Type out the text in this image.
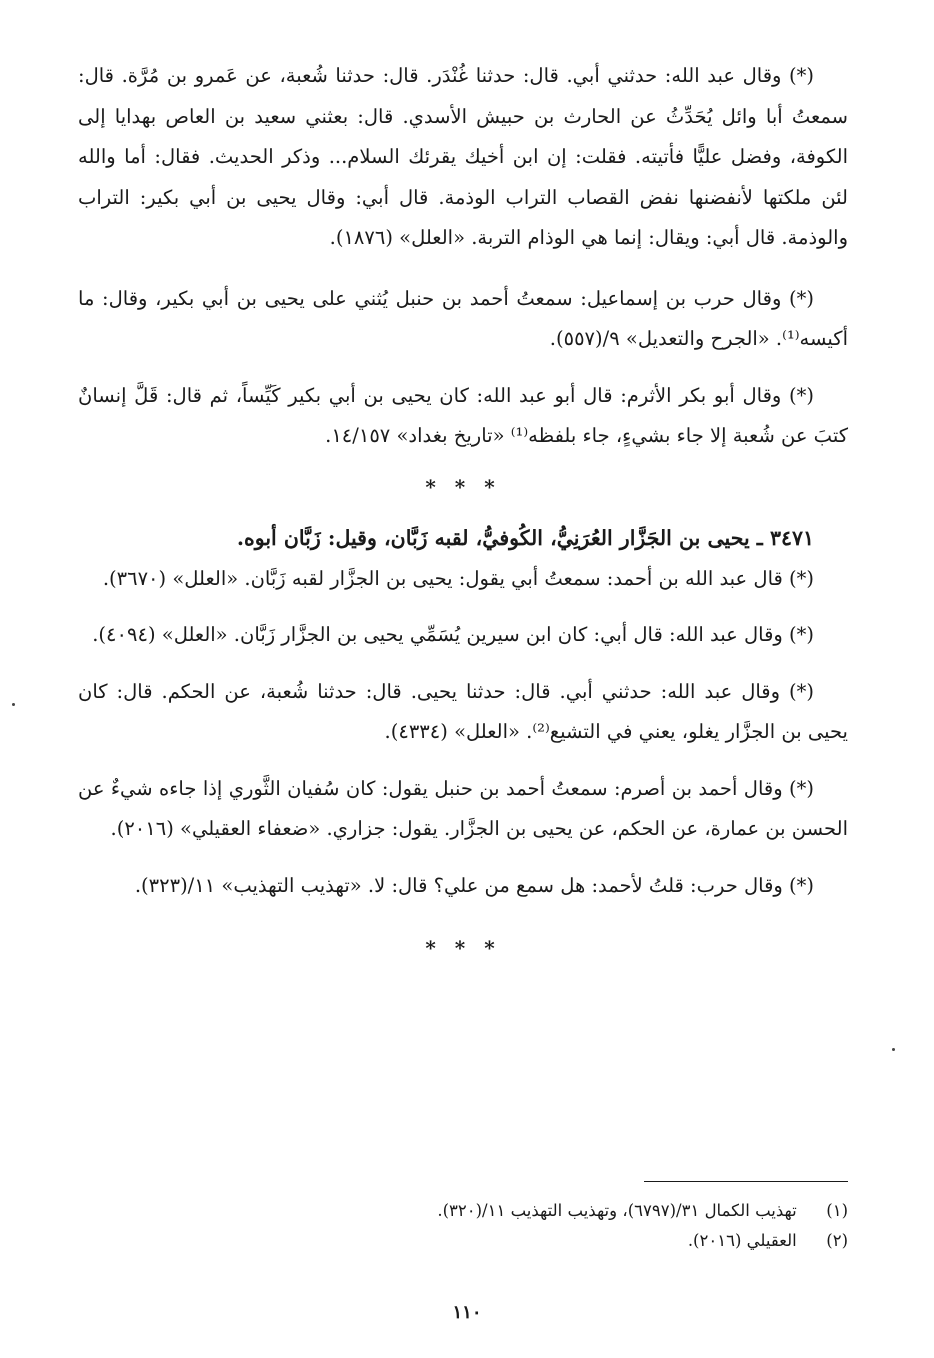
(*) وقال عبد الله: حدثني أبي. قال: حدثنا غُنْدَر. قال: حدثنا شُعبة، عن عَمرو بن مُرَّة. قال: سمعتُ أبا وائل يُحَدِّثُ عن الحارث بن حبيش الأسدي. قال: بعثني سعيد بن العاص بهدايا إلى الكوفة، وفضل عليًّا فأتيته. فقلت: إن ابن أخيك يقرئك السلام... وذكر الحديث. فقال: أما والله لئن ملكتها لأنفضنها نفض القصاب التراب الوذمة. قال أبي: وقال يحيى بن أبي بكير: التراب والوذمة. قال أبي: ويقال: إنما هي الوذام التربة. «العلل» (١٨٧٦).

(*) وقال حرب بن إسماعيل: سمعتُ أحمد بن حنبل يُثني على يحيى بن أبي بكير، وقال: ما أكيسه⁽¹⁾. «الجرح والتعديل» ٩/(٥٥٧).

(*) وقال أبو بكر الأثرم: قال أبو عبد الله: كان يحيى بن أبي بكير كَيِّساً، ثم قال: قَلَّ إنسانٌ كتبَ عن شُعبة إلا جاء بشيءٍ، جاء بلفظه⁽¹⁾ «تاريخ بغداد» ١٤/١٥٧.

* * *

٣٤٧١ ـ يحيى بن الجَزَّار العُرَنِيُّ، الكُوفيُّ، لقبه زَبَّان، وقيل: زَبَّان أبوه.

(*) قال عبد الله بن أحمد: سمعتُ أبي يقول: يحيى بن الجزَّار لقبه زَبَّان. «العلل» (٣٦٧٠).

(*) وقال عبد الله: قال أبي: كان ابن سيرين يُسَمِّي يحيى بن الجزَّار زَبَّان. «العلل» (٤٠٩٤).

(*) وقال عبد الله: حدثني أبي. قال: حدثنا يحيى. قال: حدثنا شُعبة، عن الحكم. قال: كان يحيى بن الجزَّار يغلو، يعني في التشيع⁽²⁾. «العلل» (٤٣٣٤).

(*) وقال أحمد بن أصرم: سمعتُ أحمد بن حنبل يقول: كان سُفيان الثَّوري إذا جاءه شيءٌ عن الحسن بن عمارة، عن الحكم، عن يحيى بن الجزَّار. يقول: جزاري. «ضعفاء العقيلي» (٢٠١٦).

(*) وقال حرب: قلتُ لأحمد: هل سمع من علي؟ قال: لا. «تهذيب التهذيب» ١١/(٣٢٣).

* * *

(١) تهذيب الكمال ٣١/(٦٧٩٧)، وتهذيب التهذيب ١١/(٣٢٠).

(٢) العقيلي (٢٠١٦).

١١٠
